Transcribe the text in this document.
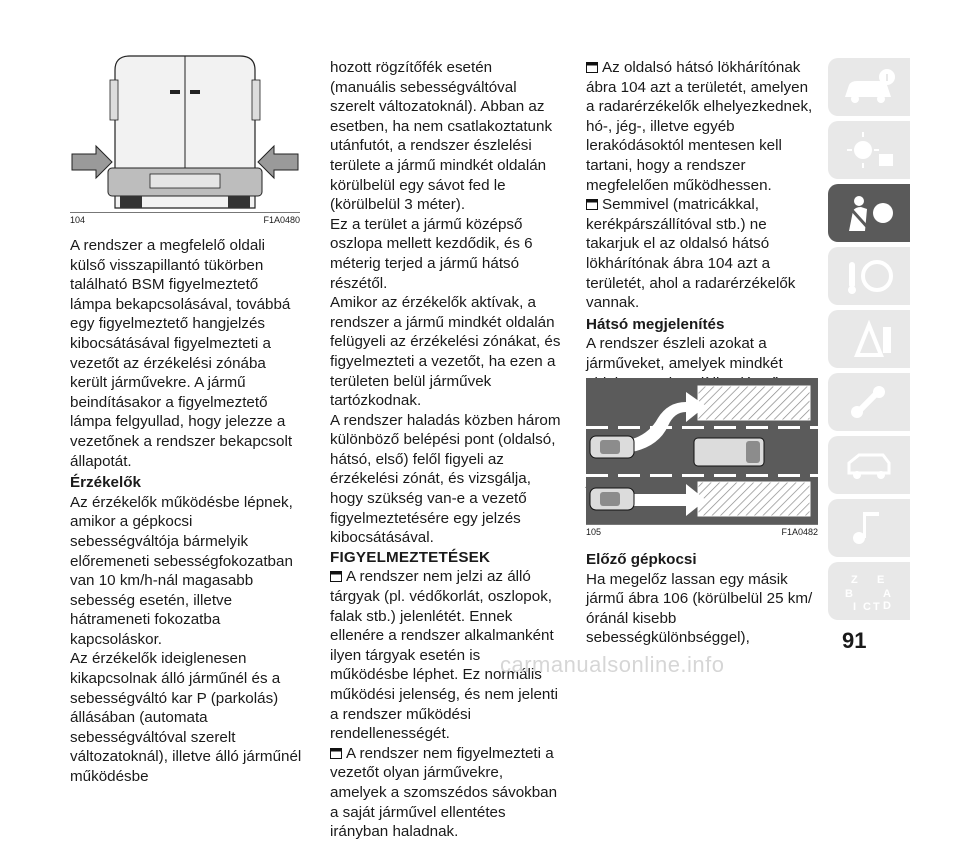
104	F1A0480

A rendszer a megfelelő oldali külső visszapillantó tükörben található BSM figyelmeztető lámpa bekapcsolásával, továbbá egy figyelmeztető hangjelzés kibocsátásával figyelmezteti a vezetőt az érzékelési zónába került járművekre. A jármű beindításakor a figyelmeztető lámpa felgyullad, hogy jelezze a vezetőnek a rendszer bekapcsolt állapotát.

Érzékelők

Az érzékelők működésbe lépnek, amikor a gépkocsi sebességváltója bármelyik előremeneti sebességfokozatban van 10 km/h-nál magasabb sebesség esetén, illetve hátrameneti fokozatba kapcsoláskor.

Az érzékelők ideiglenesen kikapcsolnak álló járműnél és a sebességváltó kar P (parkolás) állásában (automata sebességváltóval szerelt változatoknál), illetve álló járműnél működésbe

hozott rögzítőfék esetén (manuális sebességváltóval szerelt változatoknál). Abban az esetben, ha nem csatlakoztatunk utánfutót, a rendszer észlelési területe a jármű mindkét oldalán körülbelül egy sávot fed le (körülbelül 3 méter).

Ez a terület a jármű középső oszlopa mellett kezdődik, és 6 méterig terjed a jármű hátsó részétől.

Amikor az érzékelők aktívak, a rendszer a jármű mindkét oldalán felügyeli az érzékelési zónákat, és figyelmezteti a vezetőt, ha ezen a területen belül járművek tartózkodnak.

A rendszer haladás közben három különböző belépési pont (oldalsó, hátsó, első) felől figyeli az érzékelési zónát, és vizsgálja, hogy szükség van-e a vezető figyelmeztetésére egy jelzés kibocsátásával.

FIGYELMEZTETÉSEK

A rendszer nem jelzi az álló tárgyak (pl. védőkorlát, oszlopok, falak stb.) jelenlétét. Ennek ellenére a rendszer alkalmanként ilyen tárgyak esetén is működésbe léphet. Ez normális működési jelenség, és nem jelenti a rendszer működési rendellenességét.

A rendszer nem figyelmezteti a vezetőt olyan járművekre, amelyek a szomszédos sávokban a saját járművel ellentétes irányban haladnak.

Az oldalsó hátsó lökhárítónak ábra 104 azt a területét, amelyen a radarérzékelők elhelyezkednek, hó-, jég-, illetve egyéb lerakódásoktól mentesen kell tartani, hogy a rendszer megfelelően működhessen.

Semmivel (matricákkal, kerékpárszállítóval stb.) ne takarjuk el az oldalsó hátsó lökhárítónak ábra 104 azt a területét, ahol a radarérzékelők vannak.

Hátsó megjelenítés

A rendszer észleli azokat a járműveket, amelyek mindkét

105	F1A0482

Előző gépkocsi

Ha megelőz lassan egy másik jármű ábra 106 (körülbelül 25 km/óránál kisebb sebességkülönbséggel),

Z E
B	A
I C T D
91
carmanualsonline.info
